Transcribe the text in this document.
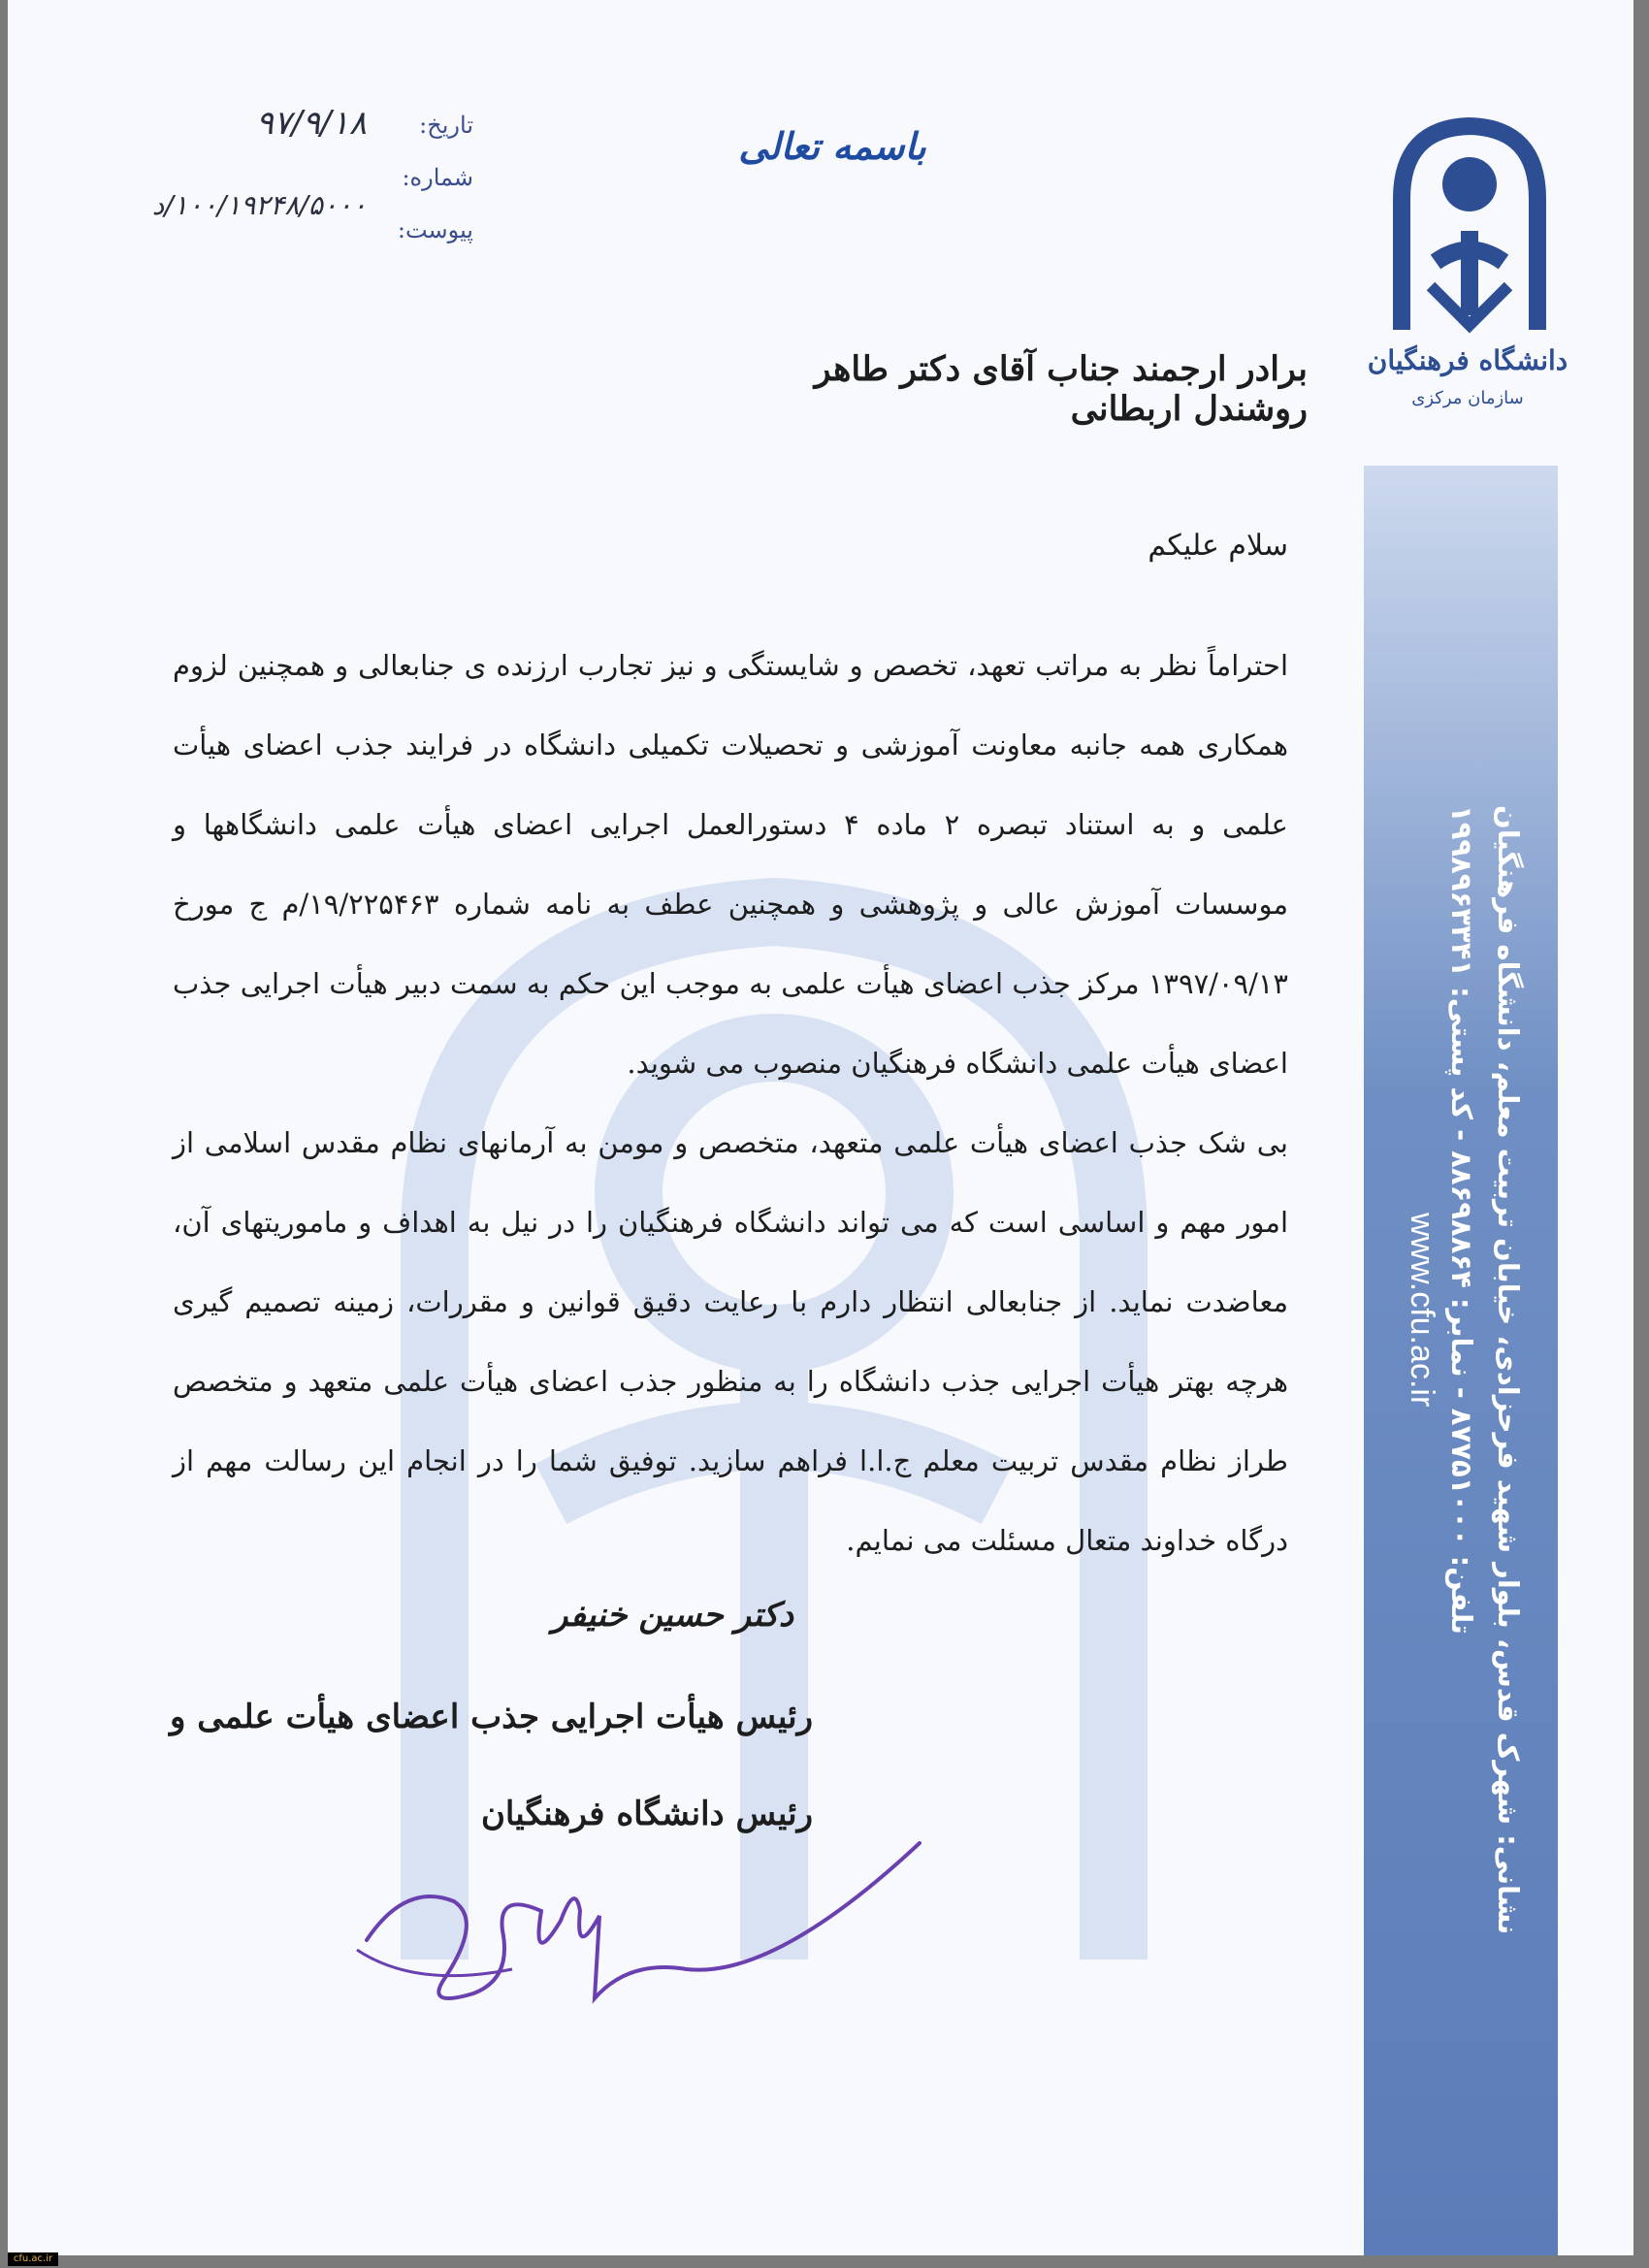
نشانی: شهرک قدس، بلوار شهید فرحزادی، خیابان تربیت معلم، دانشگاه فرهنگیان
تلفن: ۸۷۷۵۱۰۰۰ - نمابر: ۸۸۶۹۸۸۶۴ - کد پستی: ۱۹۹۸۹۶۳۳۴۱
www.cfu.ac.ir
دانشگاه فرهنگیان
سازمان مرکزی
باسمه تعالی
تاریخ:
۹۷/۹/۱۸
شماره:
۱۰۰/۱۹۲۴۸/۵۰۰۰/د
پیوست:
برادر ارجمند جناب آقای دکتر طاهر روشندل اربطانی
سلام علیکم

احتراماً نظر به مراتب تعهد، تخصص و شایستگی و نیز تجارب ارزنده ی جنابعالی و همچنین لزوم همکاری همه جانبه معاونت آموزشی و تحصیلات تکمیلی دانشگاه در فرایند جذب اعضای هیأت علمی و به استناد تبصره ۲ ماده ۴ دستورالعمل اجرایی اعضای هیأت علمی دانشگاهها و موسسات آموزش عالی و پژوهشی و همچنین عطف به نامه شماره ۱۹/۲۲۵۴۶۳/م ج مورخ ۱۳۹۷/۰۹/۱۳ مرکز جذب اعضای هیأت علمی به موجب این حکم به سمت دبیر هیأت اجرایی جذب اعضای هیأت علمی دانشگاه فرهنگیان منصوب می شوید.

بی شک جذب اعضای هیأت علمی متعهد، متخصص و مومن به آرمانهای نظام مقدس اسلامی از امور مهم و اساسی است که می تواند دانشگاه فرهنگیان را در نیل به اهداف و ماموریتهای آن، معاضدت نماید. از جنابعالی انتظار دارم با رعایت دقیق قوانین و مقررات، زمینه تصمیم گیری هرچه بهتر هیأت اجرایی جذب دانشگاه را به منظور جذب اعضای هیأت علمی متعهد و متخصص طراز نظام مقدس تربیت معلم ج.ا.ا فراهم سازید. توفیق شما را در انجام این رسالت مهم از درگاه خداوند متعال مسئلت می نمایم.

دکتر حسین خنیفر
رئیس هیأت اجرایی جذب اعضای هیأت علمی و
رئیس دانشگاه فرهنگیان
cfu.ac.ir
